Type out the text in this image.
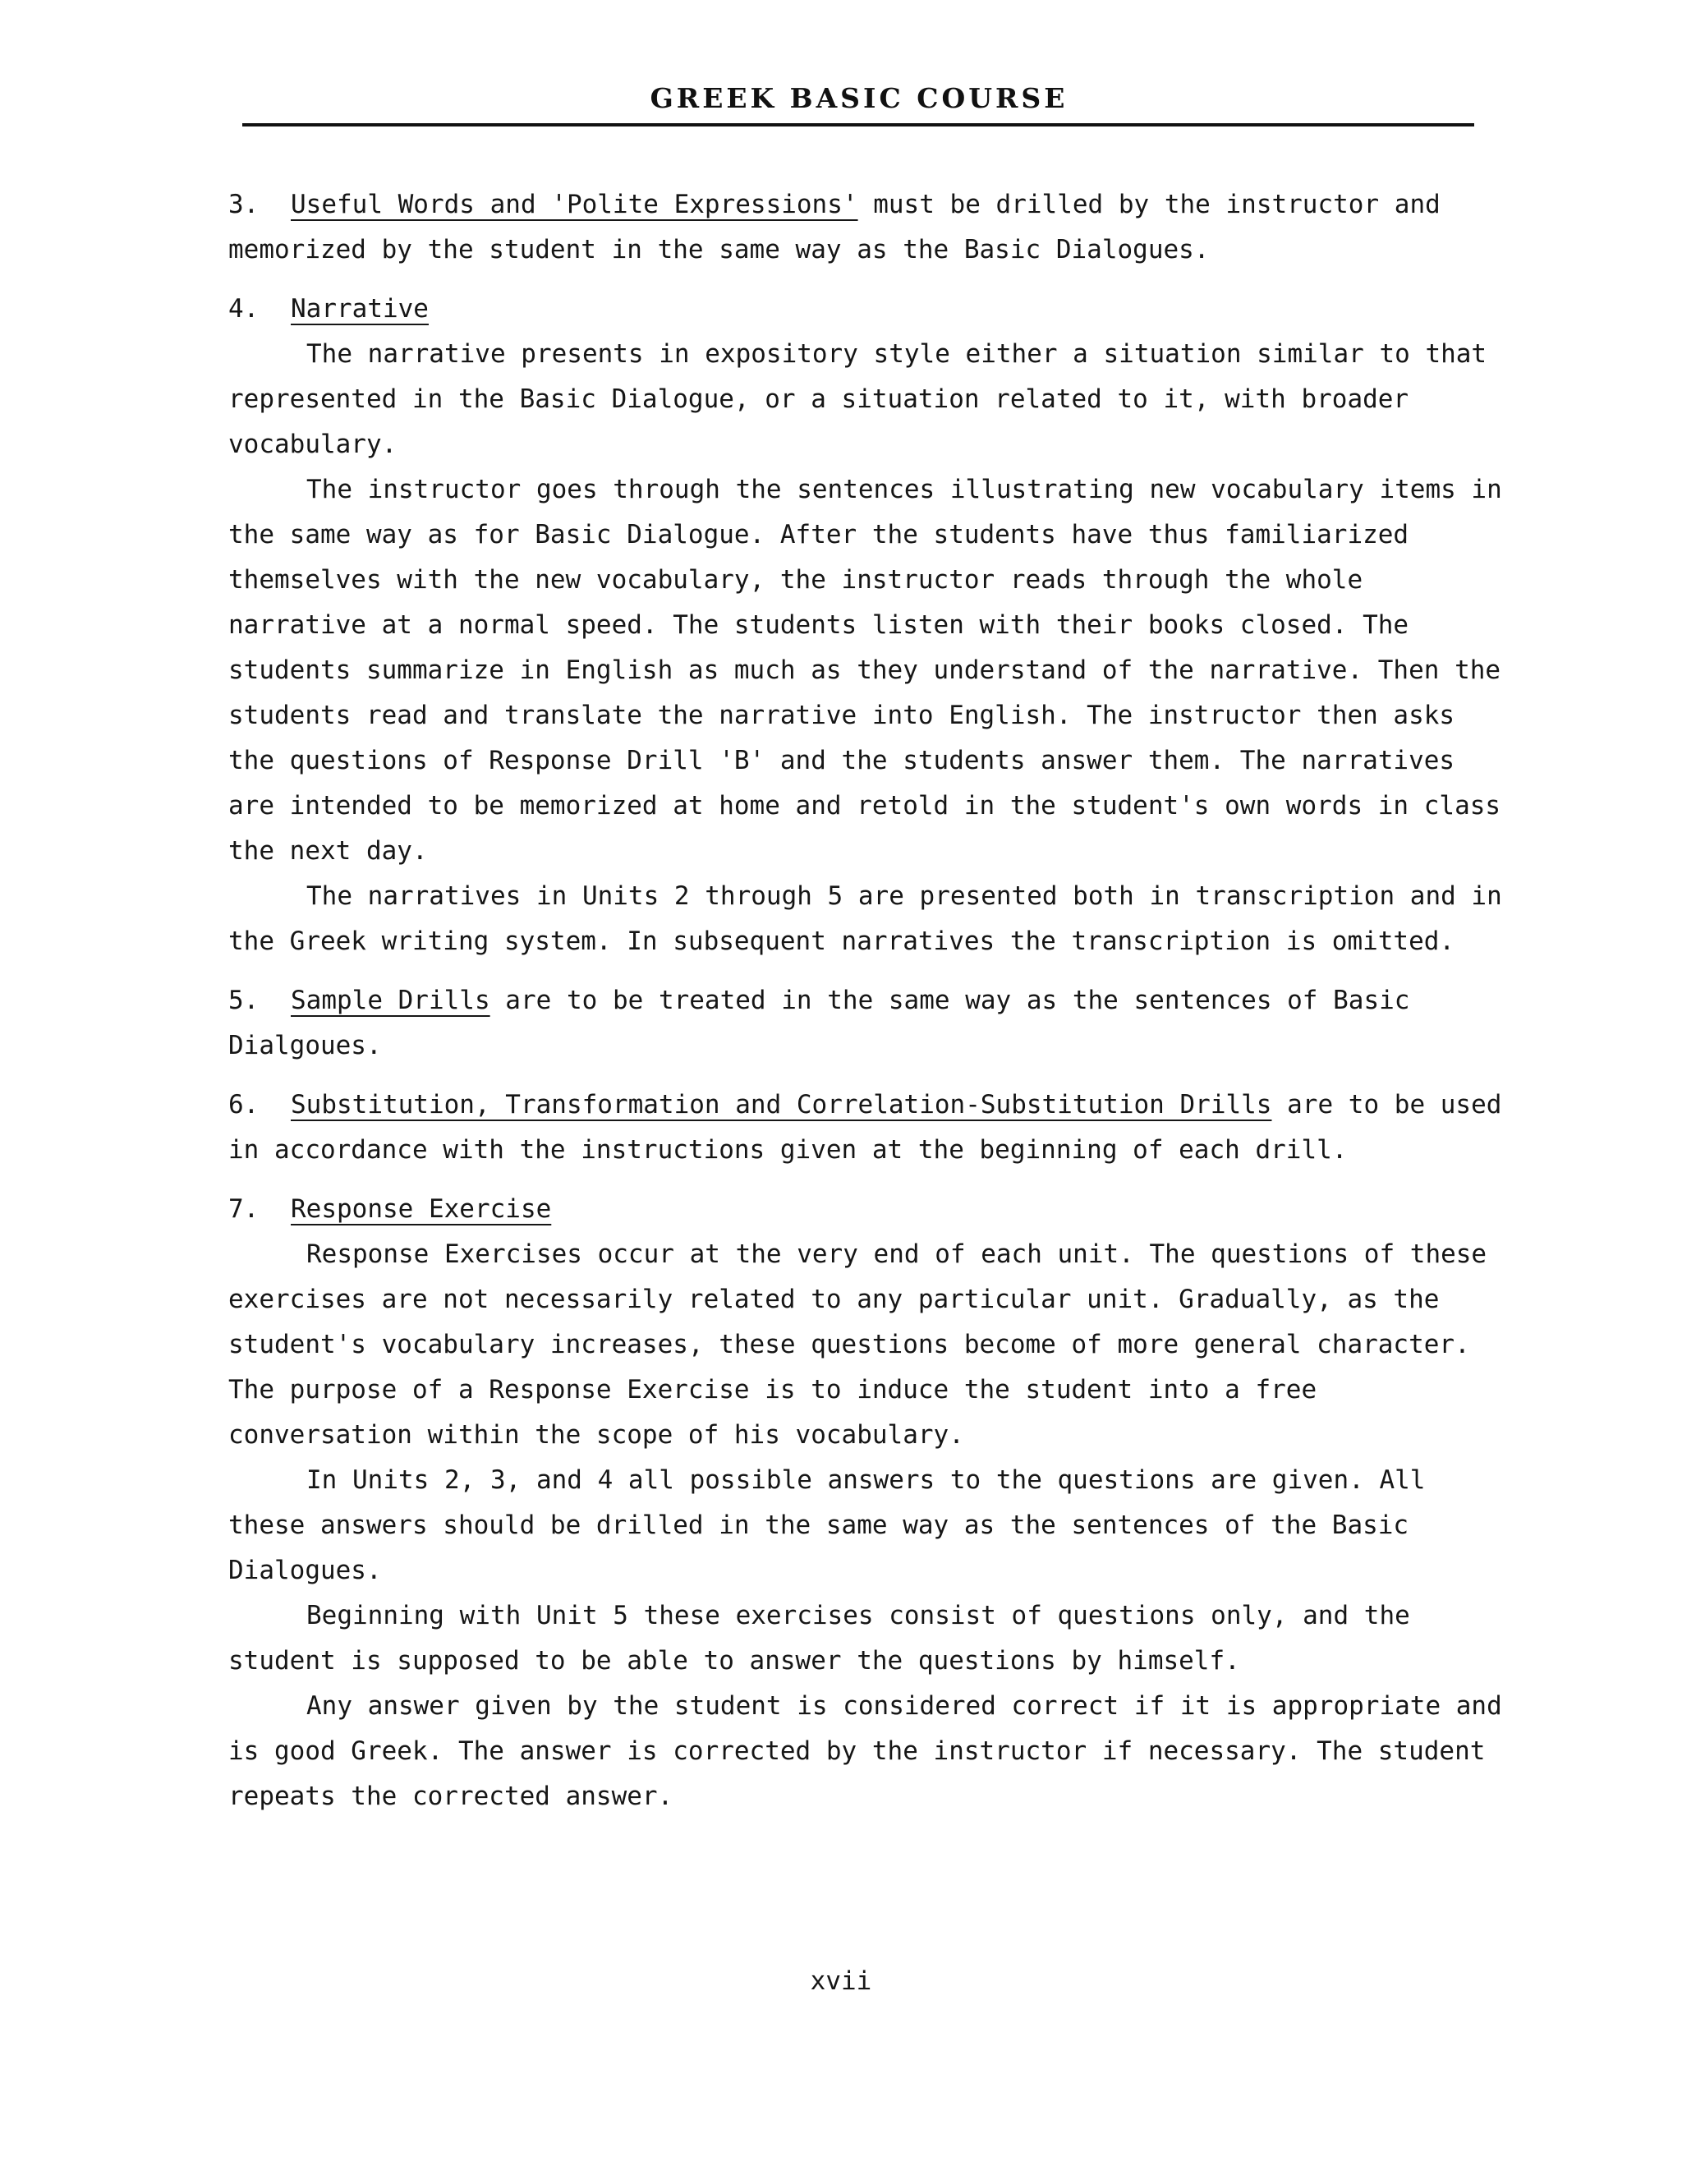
GREEK BASIC COURSE

3. Useful Words and 'Polite Expressions' must be drilled by the instructor and memorized by the student in the same way as the Basic Dialogues.

4. Narrative

The narrative presents in expository style either a situation similar to that represented in the Basic Dialogue, or a situation related to it, with broader vocabulary.

The instructor goes through the sentences illustrating new vocabulary items in the same way as for Basic Dialogue. After the students have thus familiarized themselves with the new vocabulary, the instructor reads through the whole narrative at a normal speed. The students listen with their books closed. The students summarize in English as much as they understand of the narrative. Then the students read and translate the narrative into English. The instructor then asks the questions of Response Drill 'B' and the students answer them. The narratives are intended to be memorized at home and retold in the student's own words in class the next day.

The narratives in Units 2 through 5 are presented both in transcription and in the Greek writing system. In subsequent narratives the transcription is omitted.

5. Sample Drills are to be treated in the same way as the sentences of Basic Dialgoues.

6. Substitution, Transformation and Correlation-Substitution Drills are to be used in accordance with the instructions given at the beginning of each drill.

7. Response Exercise

Response Exercises occur at the very end of each unit. The questions of these exercises are not necessarily related to any particular unit. Gradually, as the student's vocabulary increases, these questions become of more general character. The purpose of a Response Exercise is to induce the student into a free conversation within the scope of his vocabulary.

In Units 2, 3, and 4 all possible answers to the questions are given. All these answers should be drilled in the same way as the sentences of the Basic Dialogues.

Beginning with Unit 5 these exercises consist of questions only, and the student is supposed to be able to answer the questions by himself.

Any answer given by the student is considered correct if it is appropriate and is good Greek. The answer is corrected by the instructor if necessary. The student repeats the corrected answer.

xvii
